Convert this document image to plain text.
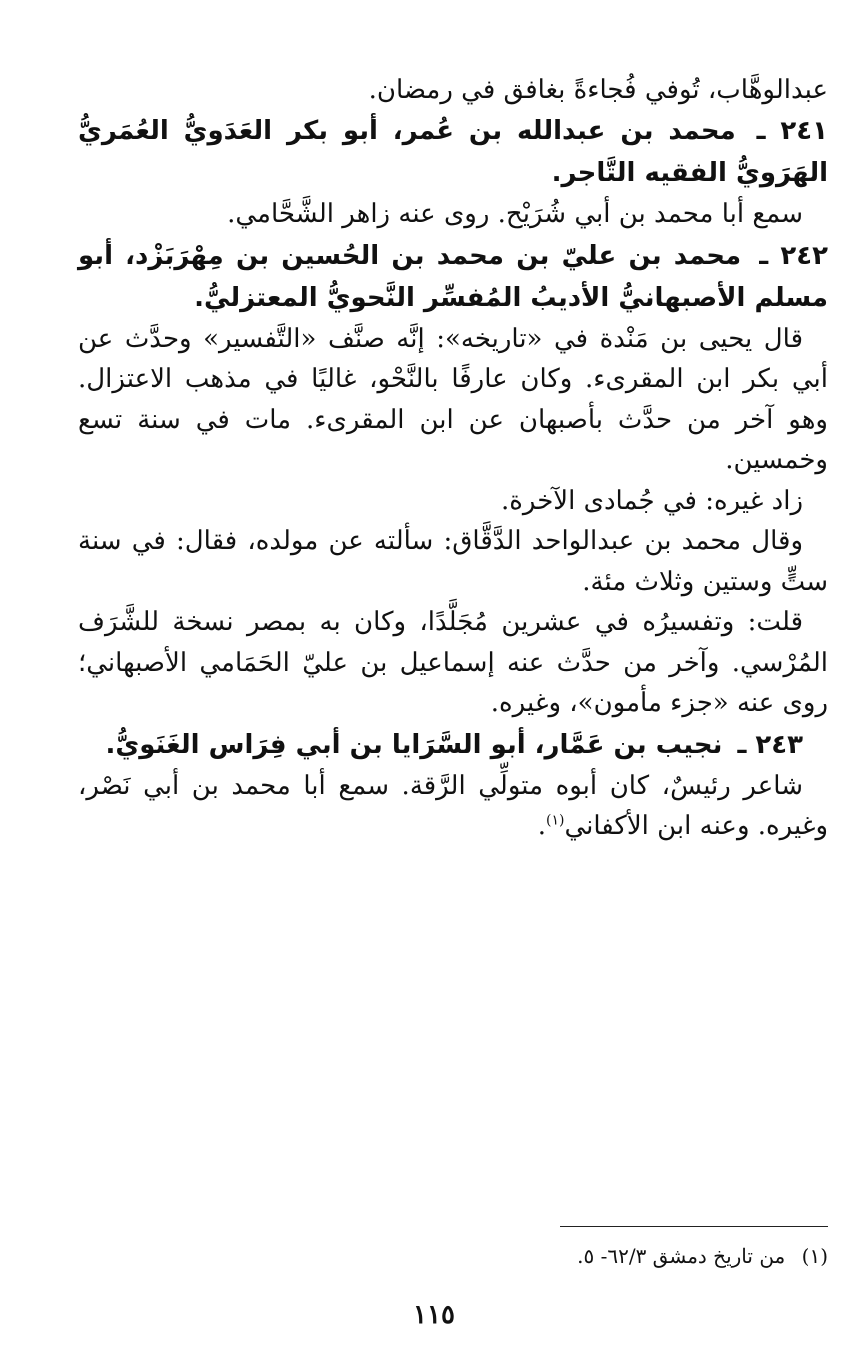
عبدالوهَّاب، تُوفي فُجاءةً بغافق في رمضان.

٢٤١ ـ محمد بن عبدالله بن عُمر، أبو بكر العَدَويُّ العُمَريُّ الهَرَويُّ الفقيه التَّاجر.

سمع أبا محمد بن أبي شُرَيْح. روى عنه زاهر الشَّحَّامي.

٢٤٢ ـ محمد بن عليّ بن محمد بن الحُسين بن مِهْرَبَزْد، أبو مسلم الأصبهانيُّ الأديبُ المُفسِّر النَّحويُّ المعتزليُّ.

قال يحيى بن مَنْدة في «تاريخه»: إنَّه صنَّف «التَّفسير» وحدَّث عن أبي بكر ابن المقرىء. وكان عارفًا بالنَّحْو، غاليًا في مذهب الاعتزال. وهو آخر من حدَّث بأصبهان عن ابن المقرىء. مات في سنة تسع وخمسين.

زاد غيره: في جُمادى الآخرة.

وقال محمد بن عبدالواحد الدَّقَّاق: سألته عن مولده، فقال: في سنة ستٍّ وستين وثلاث مئة.

قلت: وتفسيرُه في عشرين مُجَلَّدًا، وكان به بمصر نسخة للشَّرَف المُرْسي. وآخر من حدَّث عنه إسماعيل بن عليّ الحَمَامي الأصبهاني؛ روى عنه «جزء مأمون»، وغيره.

٢٤٣ ـ نجيب بن عَمَّار، أبو السَّرَايا بن أبي فِرَاس الغَنَويُّ.

شاعر رئيسٌ، كان أبوه متولِّي الرَّقة. سمع أبا محمد بن أبي نَصْر، وغيره. وعنه ابن الأكفاني$^{(١)}$.

(١) من تاريخ دمشق ٦٢/٣- ٥.
١١٥
